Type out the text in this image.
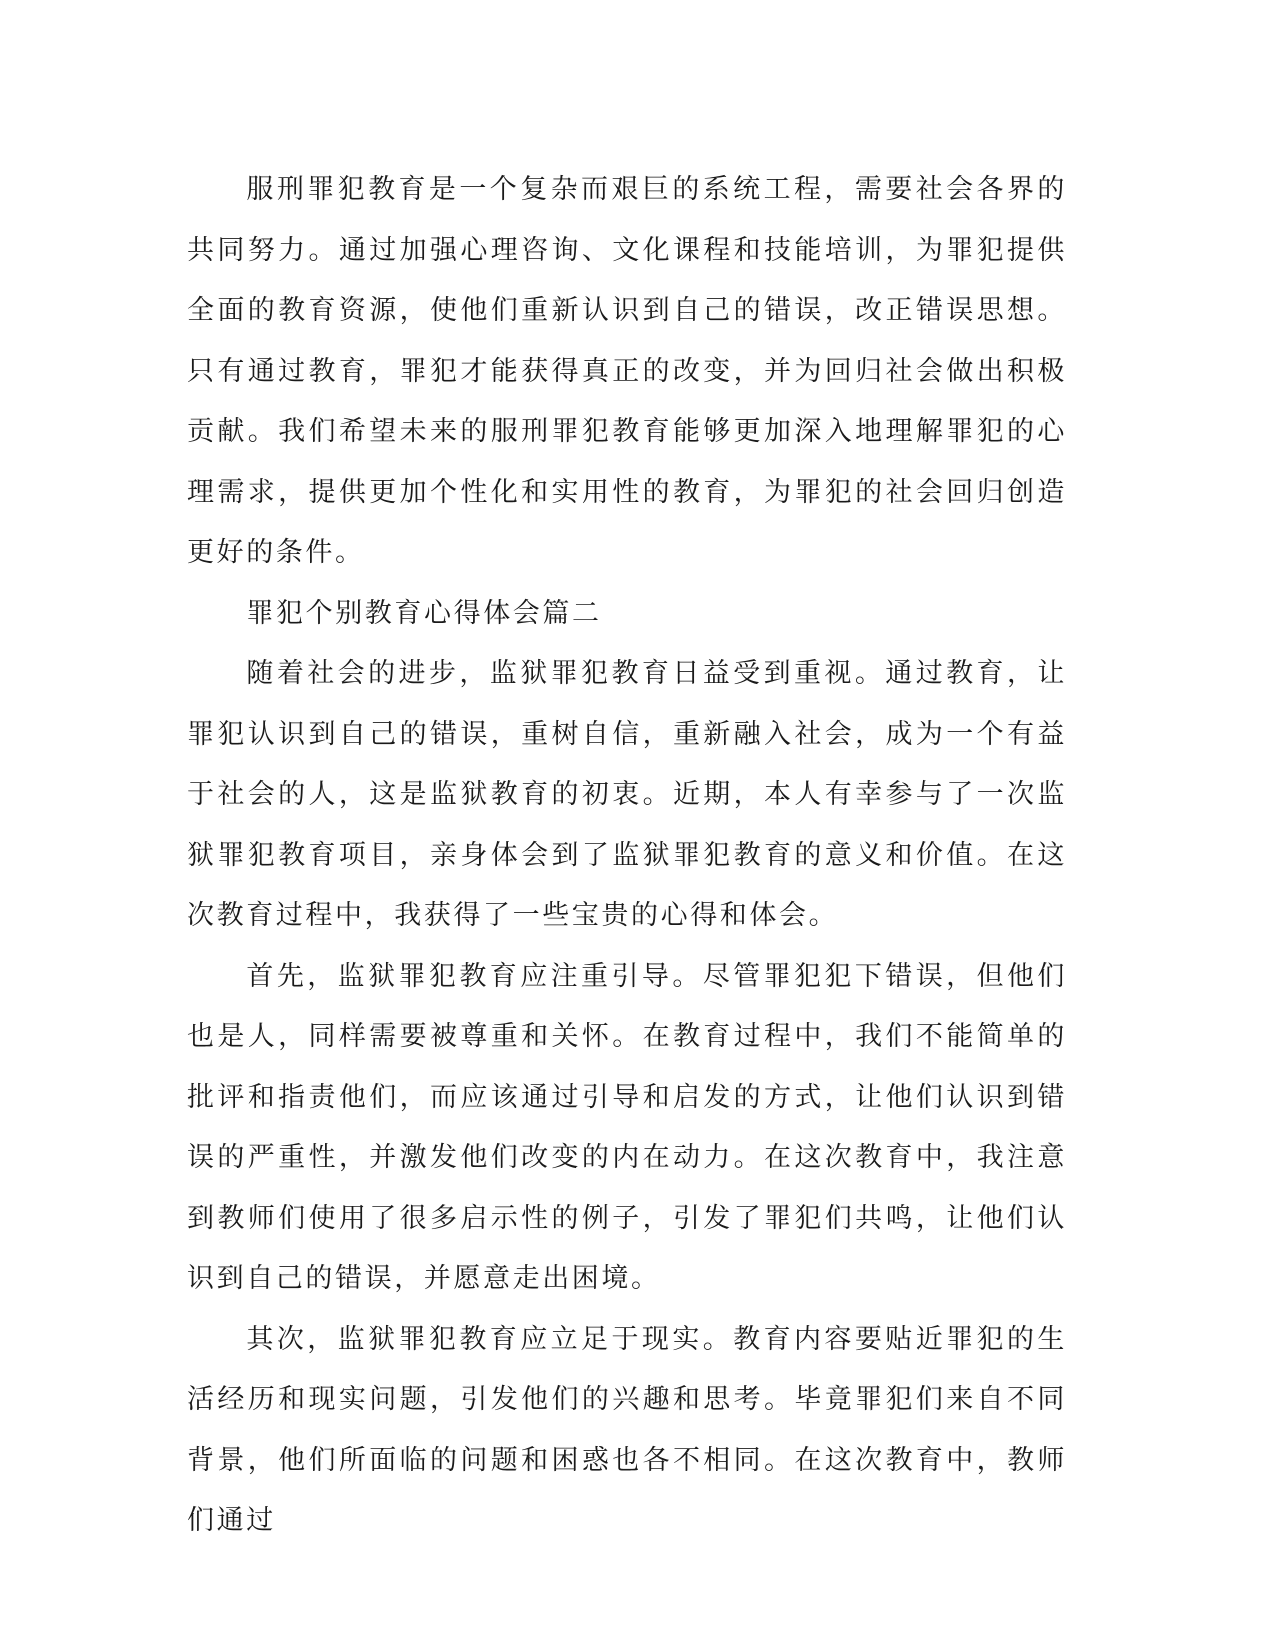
服刑罪犯教育是一个复杂而艰巨的系统工程，需要社会各界的共同努力。通过加强心理咨询、文化课程和技能培训，为罪犯提供全面的教育资源，使他们重新认识到自己的错误，改正错误思想。只有通过教育，罪犯才能获得真正的改变，并为回归社会做出积极贡献。我们希望未来的服刑罪犯教育能够更加深入地理解罪犯的心理需求，提供更加个性化和实用性的教育，为罪犯的社会回归创造更好的条件。

罪犯个别教育心得体会篇二

随着社会的进步，监狱罪犯教育日益受到重视。通过教育，让罪犯认识到自己的错误，重树自信，重新融入社会，成为一个有益于社会的人，这是监狱教育的初衷。近期，本人有幸参与了一次监狱罪犯教育项目，亲身体会到了监狱罪犯教育的意义和价值。在这次教育过程中，我获得了一些宝贵的心得和体会。

首先，监狱罪犯教育应注重引导。尽管罪犯犯下错误，但他们也是人，同样需要被尊重和关怀。在教育过程中，我们不能简单的批评和指责他们，而应该通过引导和启发的方式，让他们认识到错误的严重性，并激发他们改变的内在动力。在这次教育中，我注意到教师们使用了很多启示性的例子，引发了罪犯们共鸣，让他们认识到自己的错误，并愿意走出困境。

其次，监狱罪犯教育应立足于现实。教育内容要贴近罪犯的生活经历和现实问题，引发他们的兴趣和思考。毕竟罪犯们来自不同背景，他们所面临的问题和困惑也各不相同。在这次教育中，教师们通过
